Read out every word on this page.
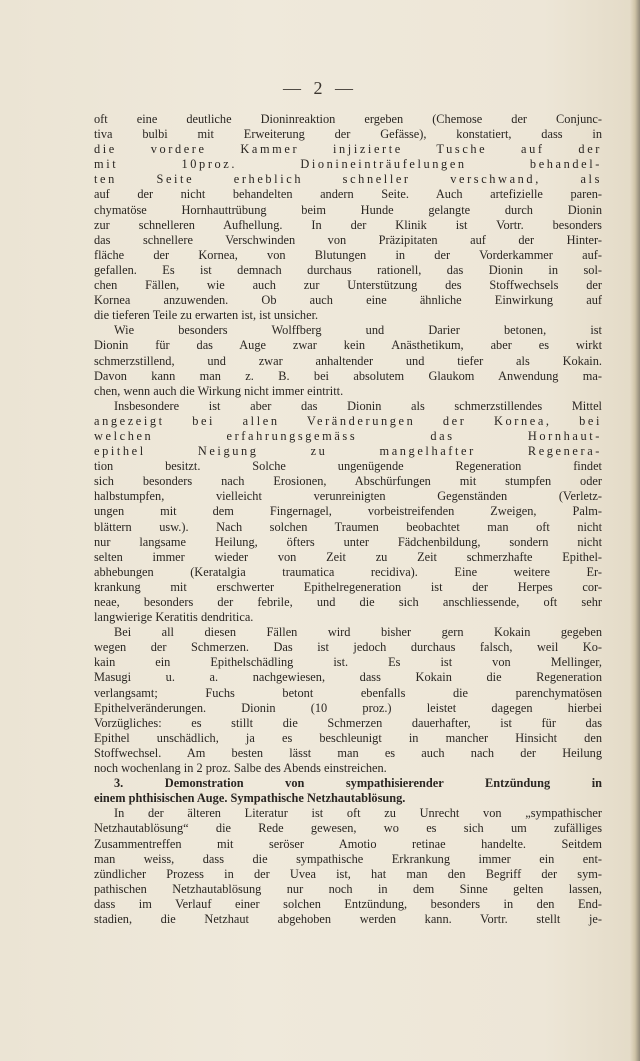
— 2 —
oft eine deutliche Dioninreaktion ergeben (Chemose der Conjunc-
tiva bulbi mit Erweiterung der Gefässe), konstatiert, dass in
die vordere Kammer injizierte Tusche auf der
mit 10proz. Dionineinträufelungen behandel-
ten Seite erheblich schneller verschwand, als
auf der nicht behandelten andern Seite. Auch artefizielle paren-
chymatöse Hornhauttrübung beim Hunde gelangte durch Dionin
zur schnelleren Aufhellung. In der Klinik ist Vortr. besonders
das schnellere Verschwinden von Präzipitaten auf der Hinter-
fläche der Kornea, von Blutungen in der Vorderkammer auf-
gefallen. Es ist demnach durchaus rationell, das Dionin in sol-
chen Fällen, wie auch zur Unterstützung des Stoffwechsels der
Kornea anzuwenden. Ob auch eine ähnliche Einwirkung auf
die tieferen Teile zu erwarten ist, ist unsicher.
Wie besonders Wolffberg und Darier betonen, ist
Dionin für das Auge zwar kein Anästhetikum, aber es wirkt
schmerzstillend, und zwar anhaltender und tiefer als Kokain.
Davon kann man z. B. bei absolutem Glaukom Anwendung ma-
chen, wenn auch die Wirkung nicht immer eintritt.
Insbesondere ist aber das Dionin als schmerzstillendes Mittel
angezeigt bei allen Veränderungen der Kornea, bei
welchen erfahrungsgemäss das Hornhaut-
epithel Neigung zu mangelhafter Regenera-
tion besitzt. Solche ungenügende Regeneration findet
sich besonders nach Erosionen, Abschürfungen mit stumpfen oder
halbstumpfen, vielleicht verunreinigten Gegenständen (Verletz-
ungen mit dem Fingernagel, vorbeistreifenden Zweigen, Palm-
blättern usw.). Nach solchen Traumen beobachtet man oft nicht
nur langsame Heilung, öfters unter Fädchenbildung, sondern nicht
selten immer wieder von Zeit zu Zeit schmerzhafte Epithel-
abhebungen (Keratalgia traumatica recidiva). Eine weitere Er-
krankung mit erschwerter Epithelregeneration ist der Herpes cor-
neae, besonders der febrile, und die sich anschliessende, oft sehr
langwierige Keratitis dendritica.
Bei all diesen Fällen wird bisher gern Kokain gegeben
wegen der Schmerzen. Das ist jedoch durchaus falsch, weil Ko-
kain ein Epithelschädling ist. Es ist von Mellinger,
Masugi u. a. nachgewiesen, dass Kokain die Regeneration
verlangsamt; Fuchs betont ebenfalls die parenchymatösen
Epithelveränderungen. Dionin (10 proz.) leistet dagegen hierbei
Vorzügliches: es stillt die Schmerzen dauerhafter, ist für das
Epithel unschädlich, ja es beschleunigt in mancher Hinsicht den
Stoffwechsel. Am besten lässt man es auch nach der Heilung
noch wochenlang in 2 proz. Salbe des Abends einstreichen.
3. Demonstration von sympathisierender Entzündung in
einem phthisischen Auge. Sympathische Netzhautablösung.
In der älteren Literatur ist oft zu Unrecht von „sympathischer
Netzhautablösung“ die Rede gewesen, wo es sich um zufälliges
Zusammentreffen mit seröser Amotio retinae handelte. Seitdem
man weiss, dass die sympathische Erkrankung immer ein ent-
zündlicher Prozess in der Uvea ist, hat man den Begriff der sym-
pathischen Netzhautablösung nur noch in dem Sinne gelten lassen,
dass im Verlauf einer solchen Entzündung, besonders in den End-
stadien, die Netzhaut abgehoben werden kann. Vortr. stellt je-
